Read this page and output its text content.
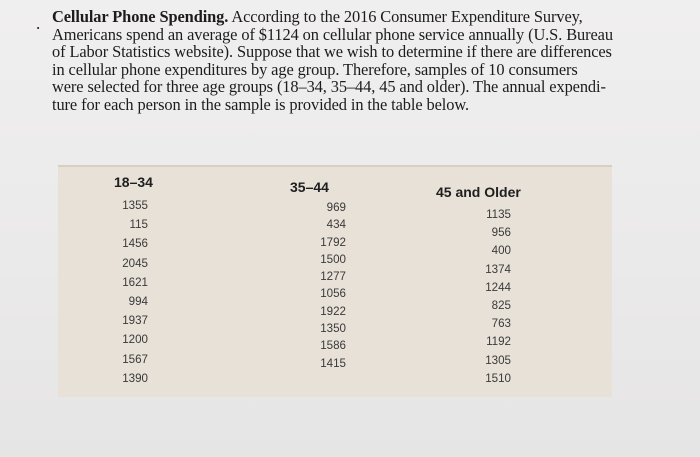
. Cellular Phone Spending. According to the 2016 Consumer Expenditure Survey,
Americans spend an average of $1124 on cellular phone service annually (U.S. Bureau
of Labor Statistics website). Suppose that we wish to determine if there are differences
in cellular phone expenditures by age group. Therefore, samples of 10 consumers
were selected for three age groups (18–34, 35–44, 45 and older). The annual expendi-
ture for each person in the sample is provided in the table below.
18–34
1355
115
1456
2045
1621
994
1937
1200
1567
1390
35–44
969
434
1792
1500
1277
1056
1922
1350
1586
1415
45 and Older
1135
956
400
1374
1244
825
763
1192
1305
1510
